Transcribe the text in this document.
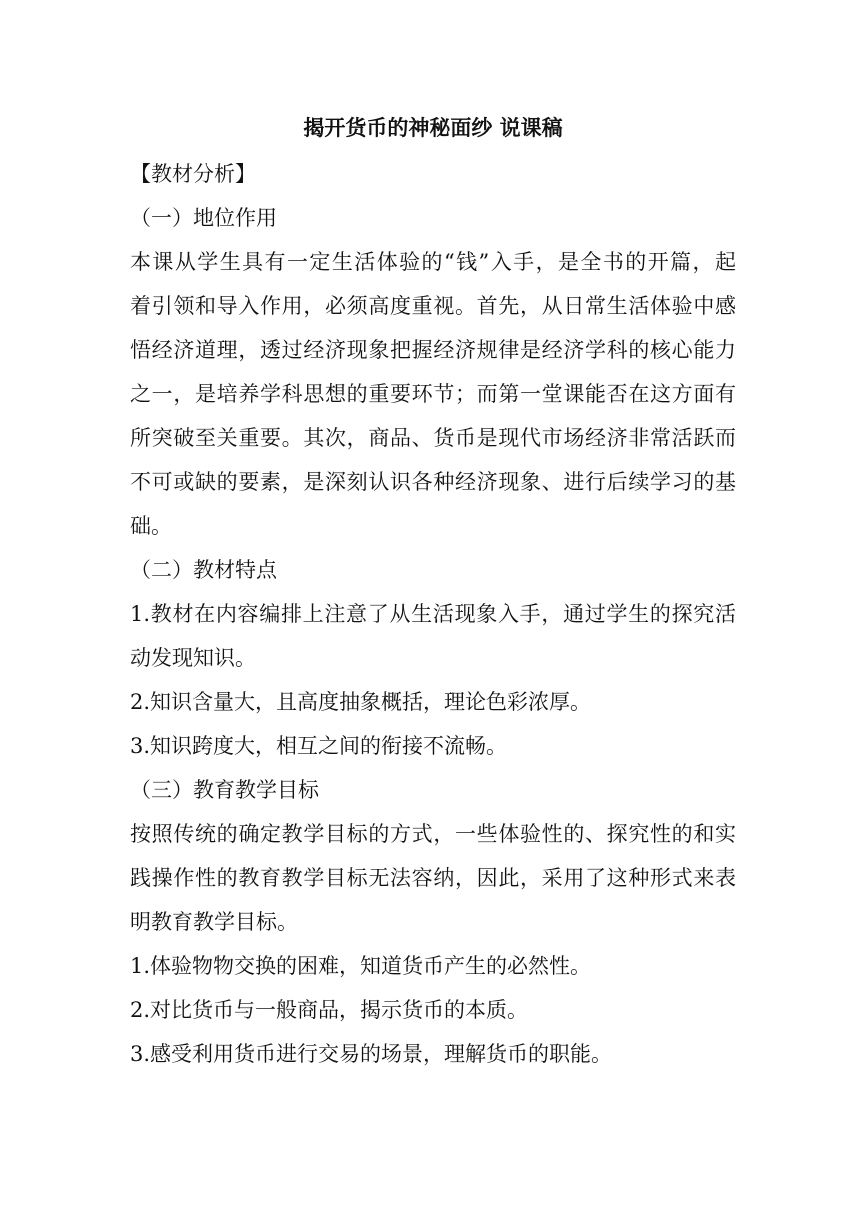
揭开货币的神秘面纱 说课稿
【教材分析】
（一）地位作用
本课从学生具有一定生活体验的“钱”入手，是全书的开篇，起
着引领和导入作用，必须高度重视。首先，从日常生活体验中感
悟经济道理，透过经济现象把握经济规律是经济学科的核心能力
之一，是培养学科思想的重要环节；而第一堂课能否在这方面有
所突破至关重要。其次，商品、货币是现代市场经济非常活跃而
不可或缺的要素，是深刻认识各种经济现象、进行后续学习的基
础。
（二）教材特点
1.教材在内容编排上注意了从生活现象入手，通过学生的探究活
动发现知识。
2.知识含量大，且高度抽象概括，理论色彩浓厚。
3.知识跨度大，相互之间的衔接不流畅。
（三）教育教学目标
按照传统的确定教学目标的方式，一些体验性的、探究性的和实
践操作性的教育教学目标无法容纳，因此，采用了这种形式来表
明教育教学目标。
1.体验物物交换的困难，知道货币产生的必然性。
2.对比货币与一般商品，揭示货币的本质。
3.感受利用货币进行交易的场景，理解货币的职能。
